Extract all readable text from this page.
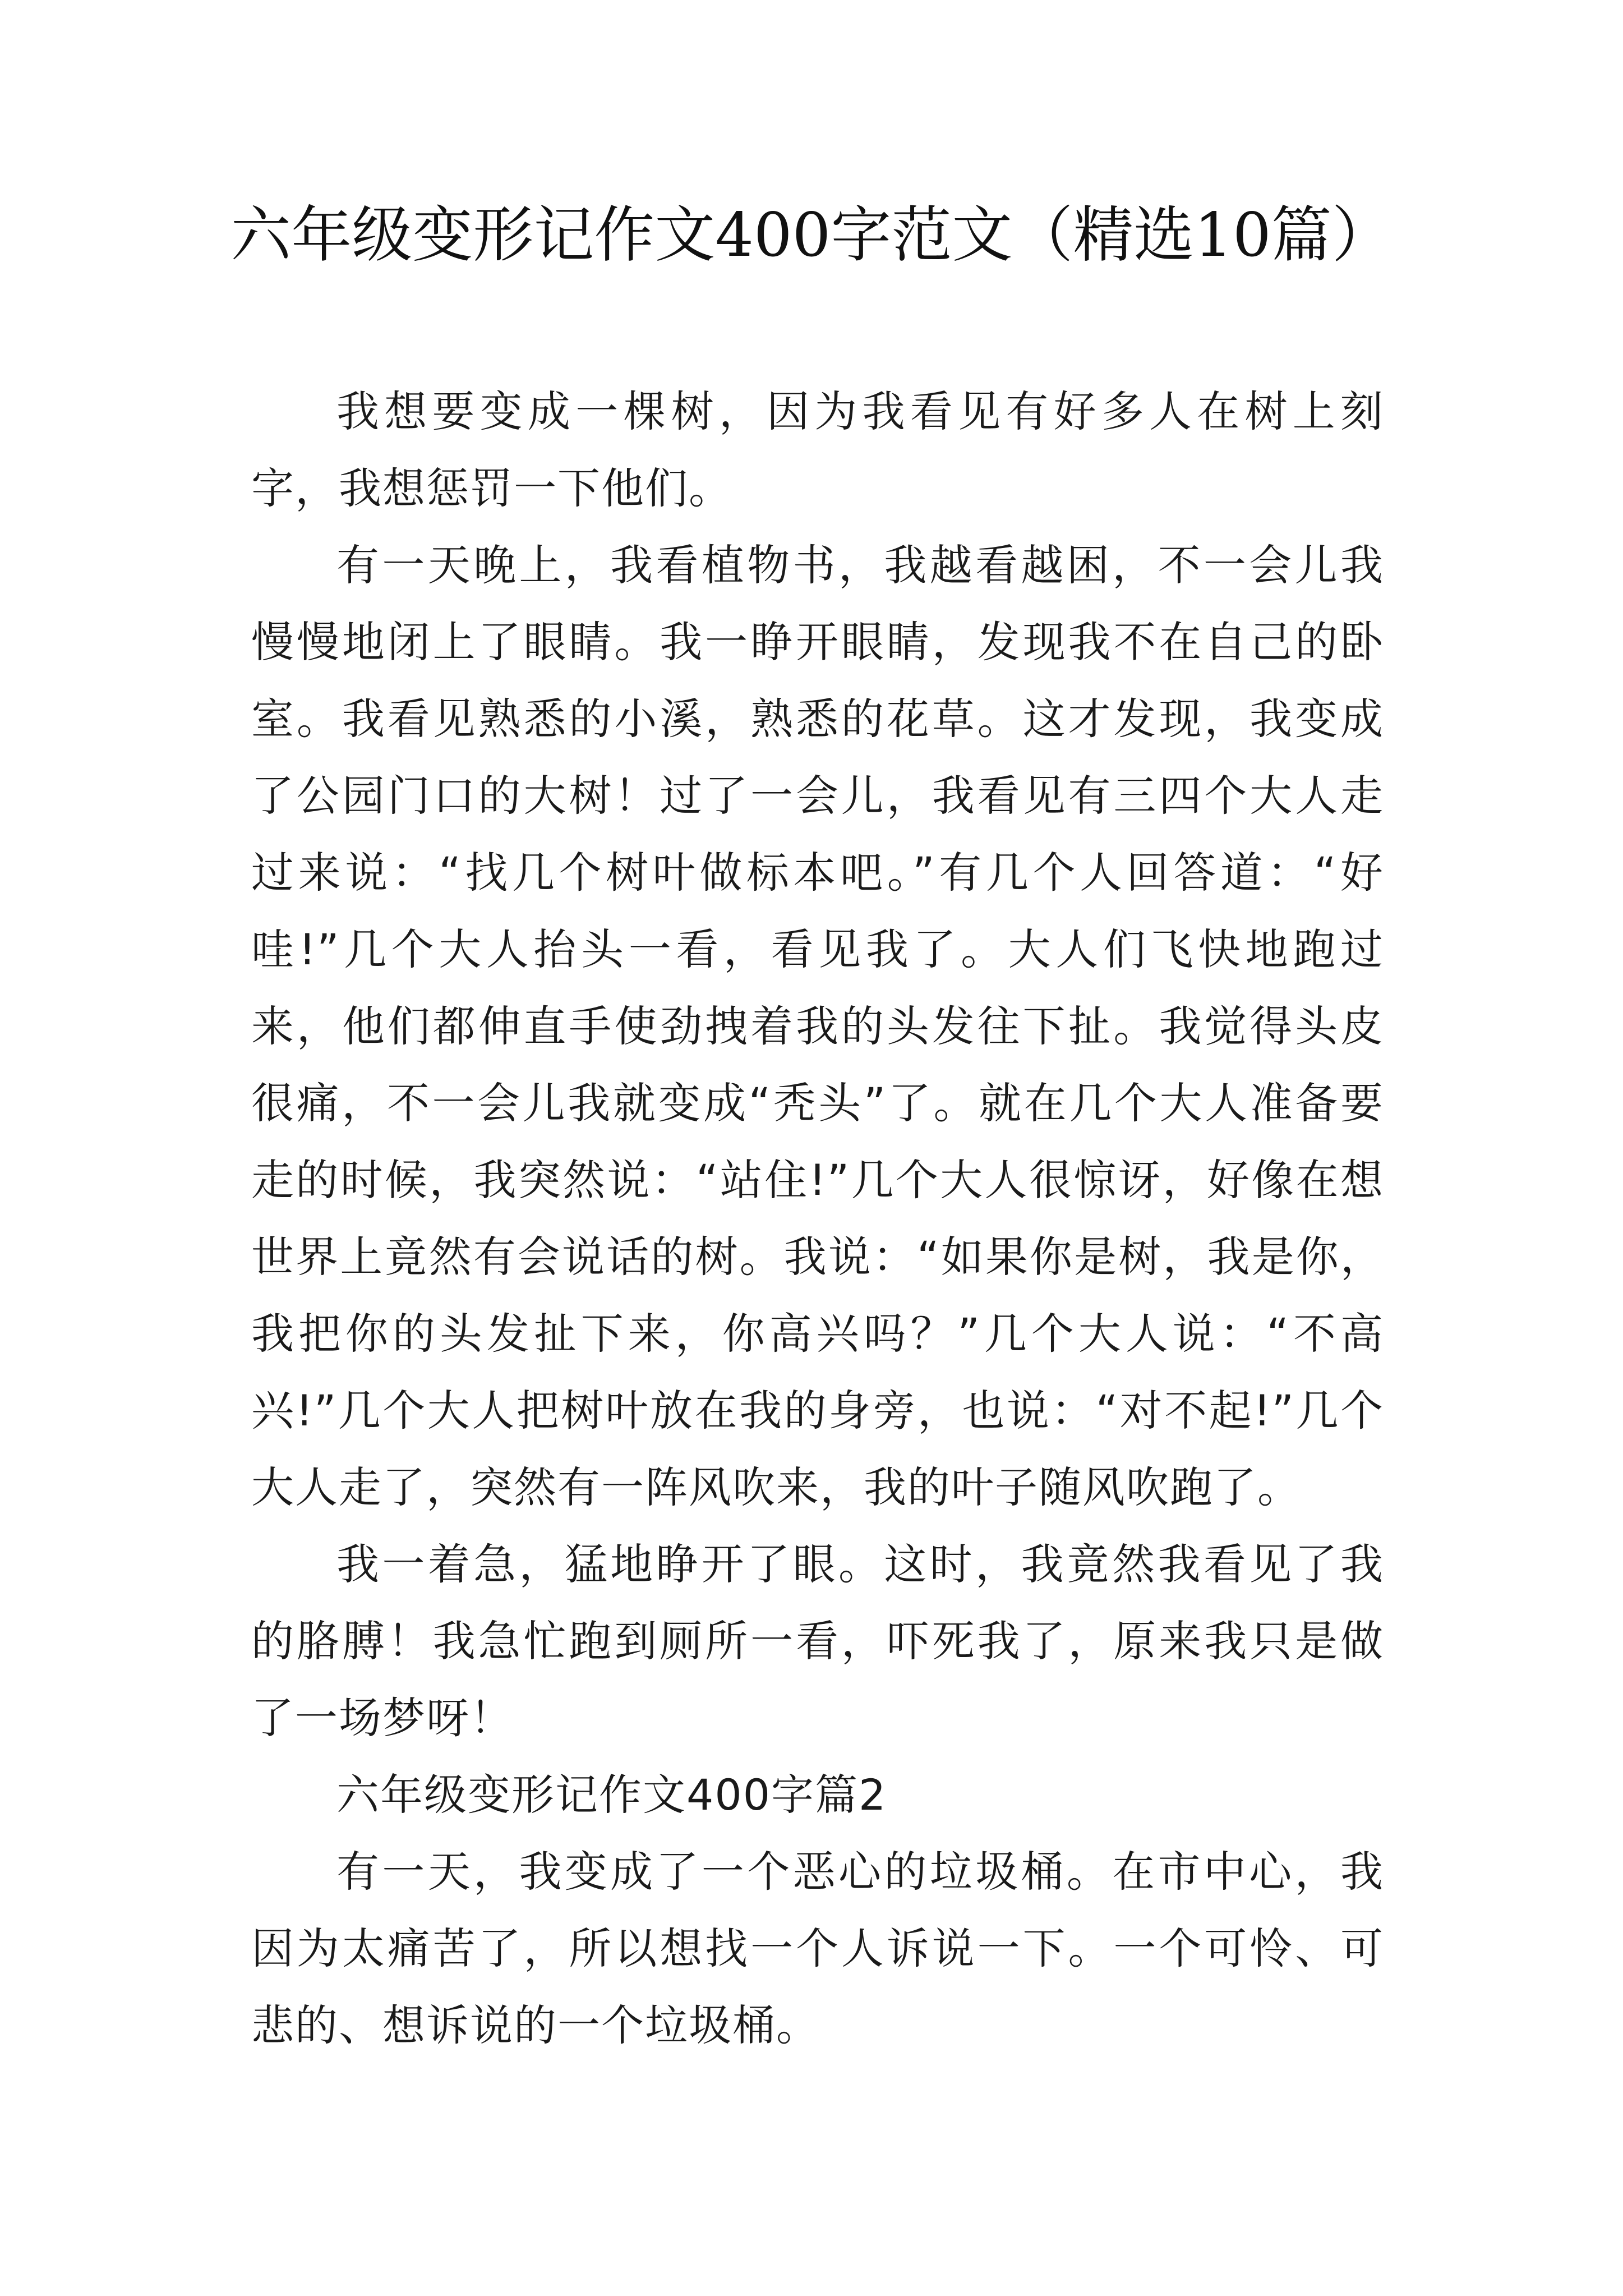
六年级变形记作文400字范文（精选10篇）

我想要变成一棵树，因为我看见有好多人在树上刻字，我想惩罚一下他们。

有一天晚上，我看植物书，我越看越困，不一会儿我慢慢地闭上了眼睛。我一睁开眼睛，发现我不在自己的卧室。我看见熟悉的小溪，熟悉的花草。这才发现，我变成了公园门口的大树！过了一会儿，我看见有三四个大人走过来说：“找几个树叶做标本吧。”有几个人回答道：“好哇!”几个大人抬头一看，看见我了。大人们飞快地跑过来，他们都伸直手使劲拽着我的头发往下扯。我觉得头皮很痛，不一会儿我就变成“秃头”了。就在几个大人准备要走的时候，我突然说：“站住!”几个大人很惊讶，好像在想世界上竟然有会说话的树。我说：“如果你是树，我是你，我把你的头发扯下来，你高兴吗？”几个大人说：“不高兴!”几个大人把树叶放在我的身旁，也说：“对不起!”几个大人走了，突然有一阵风吹来，我的叶子随风吹跑了。

我一着急，猛地睁开了眼。这时，我竟然我看见了我的胳膊！我急忙跑到厕所一看，吓死我了，原来我只是做了一场梦呀！

六年级变形记作文400字篇2

有一天，我变成了一个恶心的垃圾桶。在市中心，我因为太痛苦了，所以想找一个人诉说一下。一个可怜、可悲的、想诉说的一个垃圾桶。
